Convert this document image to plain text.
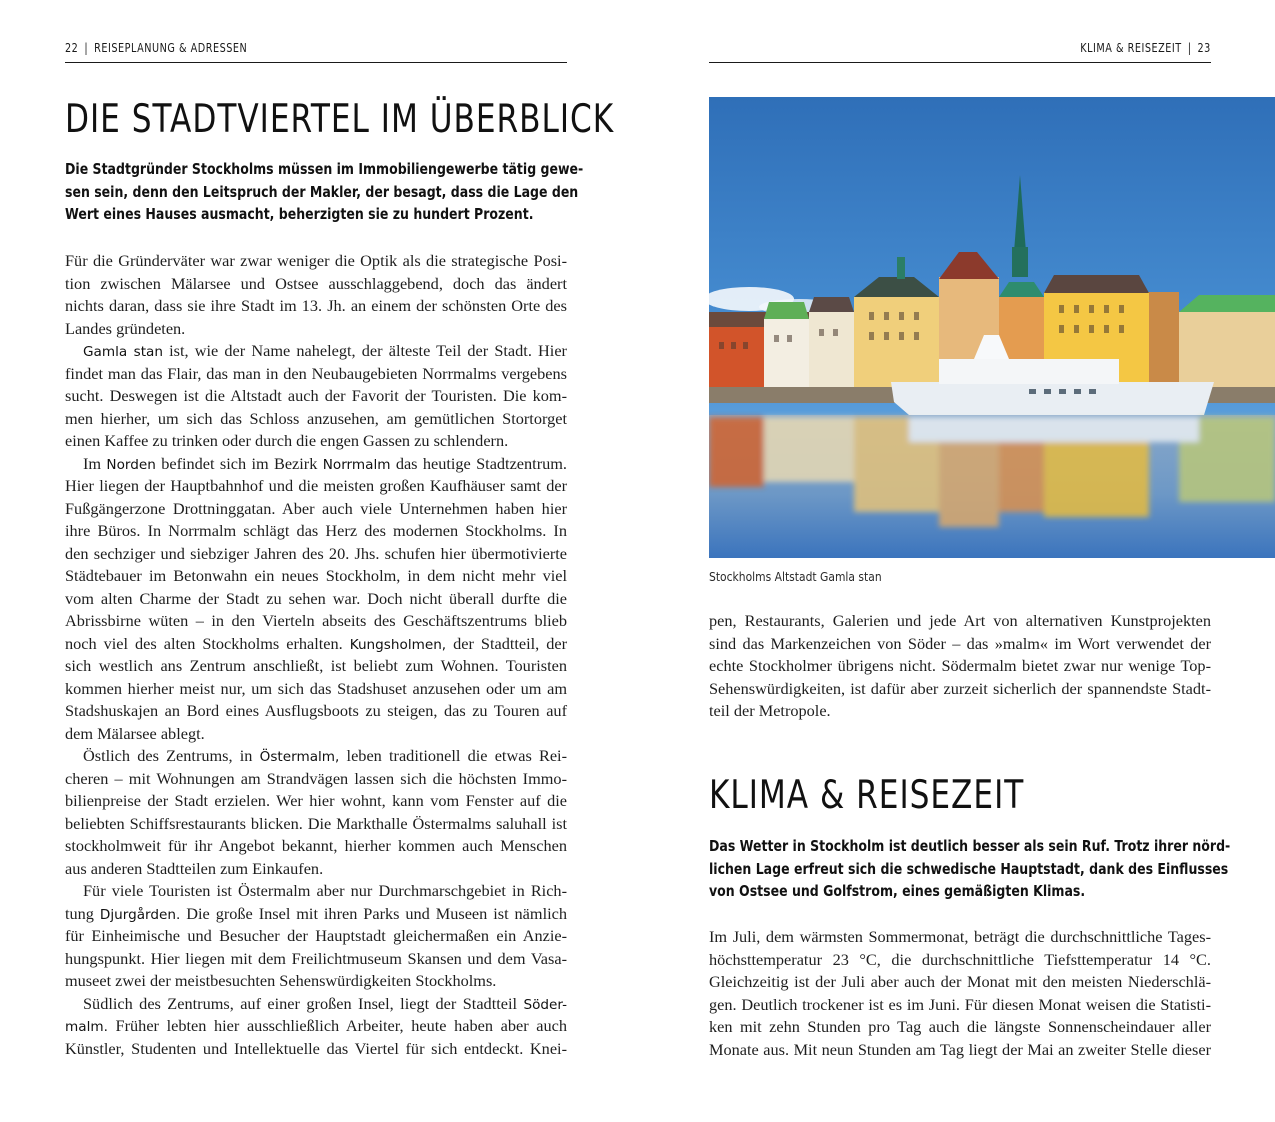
22 | REISEPLANUNG & ADRESSEN
DIE STADTVIERTEL IM ÜBERBLICK
Die Stadtgründer Stockholms müssen im Immobiliengewerbe tätig gewe-
sen sein, denn den Leitspruch der Makler, der besagt, dass die Lage den
Wert eines Hauses ausmacht, beherzigten sie zu hundert Prozent.
Für die Gründerväter war zwar weniger die Optik als die strategische Posi-
tion zwischen Mälarsee und Ostsee ausschlaggebend, doch das ändert
nichts daran, dass sie ihre Stadt im 13. Jh. an einem der schönsten Orte des
Landes gründeten.
Gamla stan ist, wie der Name nahelegt, der älteste Teil der Stadt. Hier
findet man das Flair, das man in den Neubaugebieten Norrmalms vergebens
sucht. Deswegen ist die Altstadt auch der Favorit der Touristen. Die kom-
men hierher, um sich das Schloss anzusehen, am gemütlichen Stortorget
einen Kaffee zu trinken oder durch die engen Gassen zu schlendern.
Im Norden befindet sich im Bezirk Norrmalm das heutige Stadtzentrum.
Hier liegen der Hauptbahnhof und die meisten großen Kaufhäuser samt der
Fußgängerzone Drottninggatan. Aber auch viele Unternehmen haben hier
ihre Büros. In Norrmalm schlägt das Herz des modernen Stockholms. In
den sechziger und siebziger Jahren des 20. Jhs. schufen hier übermotivierte
Städtebauer im Betonwahn ein neues Stockholm, in dem nicht mehr viel
vom alten Charme der Stadt zu sehen war. Doch nicht überall durfte die
Abrissbirne wüten – in den Vierteln abseits des Geschäftszentrums blieb
noch viel des alten Stockholms erhalten. Kungsholmen, der Stadtteil, der
sich westlich ans Zentrum anschließt, ist beliebt zum Wohnen. Touristen
kommen hierher meist nur, um sich das Stadshuset anzusehen oder um am
Stadshuskajen an Bord eines Ausflugsboots zu steigen, das zu Touren auf
dem Mälarsee ablegt.
Östlich des Zentrums, in Östermalm, leben traditionell die etwas Rei-
cheren – mit Wohnungen am Strandvägen lassen sich die höchsten Immo-
bilienpreise der Stadt erzielen. Wer hier wohnt, kann vom Fenster auf die
beliebten Schiffsrestaurants blicken. Die Markthalle Östermalms saluhall ist
stockholmweit für ihr Angebot bekannt, hierher kommen auch Menschen
aus anderen Stadtteilen zum Einkaufen.
Für viele Touristen ist Östermalm aber nur Durchmarschgebiet in Rich-
tung Djurgården. Die große Insel mit ihren Parks und Museen ist nämlich
für Einheimische und Besucher der Hauptstadt gleichermaßen ein Anzie-
hungspunkt. Hier liegen mit dem Freilichtmuseum Skansen und dem Vasa-
museet zwei der meistbesuchten Sehenswürdigkeiten Stockholms.
Südlich des Zentrums, auf einer großen Insel, liegt der Stadtteil Söder-
malm. Früher lebten hier ausschließlich Arbeiter, heute haben aber auch
Künstler, Studenten und Intellektuelle das Viertel für sich entdeckt. Knei-
KLIMA & REISEZEIT | 23
Stockholms Altstadt Gamla stan
pen, Restaurants, Galerien und jede Art von alternativen Kunstprojekten
sind das Markenzeichen von Söder – das »malm« im Wort verwendet der
echte Stockholmer übrigens nicht. Södermalm bietet zwar nur wenige Top-
Sehenswürdigkeiten, ist dafür aber zurzeit sicherlich der spannendste Stadt-
teil der Metropole.
KLIMA & REISEZEIT
Das Wetter in Stockholm ist deutlich besser als sein Ruf. Trotz ihrer nörd-
lichen Lage erfreut sich die schwedische Hauptstadt, dank des Einflusses
von Ostsee und Golfstrom, eines gemäßigten Klimas.
Im Juli, dem wärmsten Sommermonat, beträgt die durchschnittliche Tages-
höchsttemperatur 23 °C, die durchschnittliche Tiefsttemperatur 14 °C.
Gleichzeitig ist der Juli aber auch der Monat mit den meisten Niederschlä-
gen. Deutlich trockener ist es im Juni. Für diesen Monat weisen die Statisti-
ken mit zehn Stunden pro Tag auch die längste Sonnenscheindauer aller
Monate aus. Mit neun Stunden am Tag liegt der Mai an zweiter Stelle dieser
